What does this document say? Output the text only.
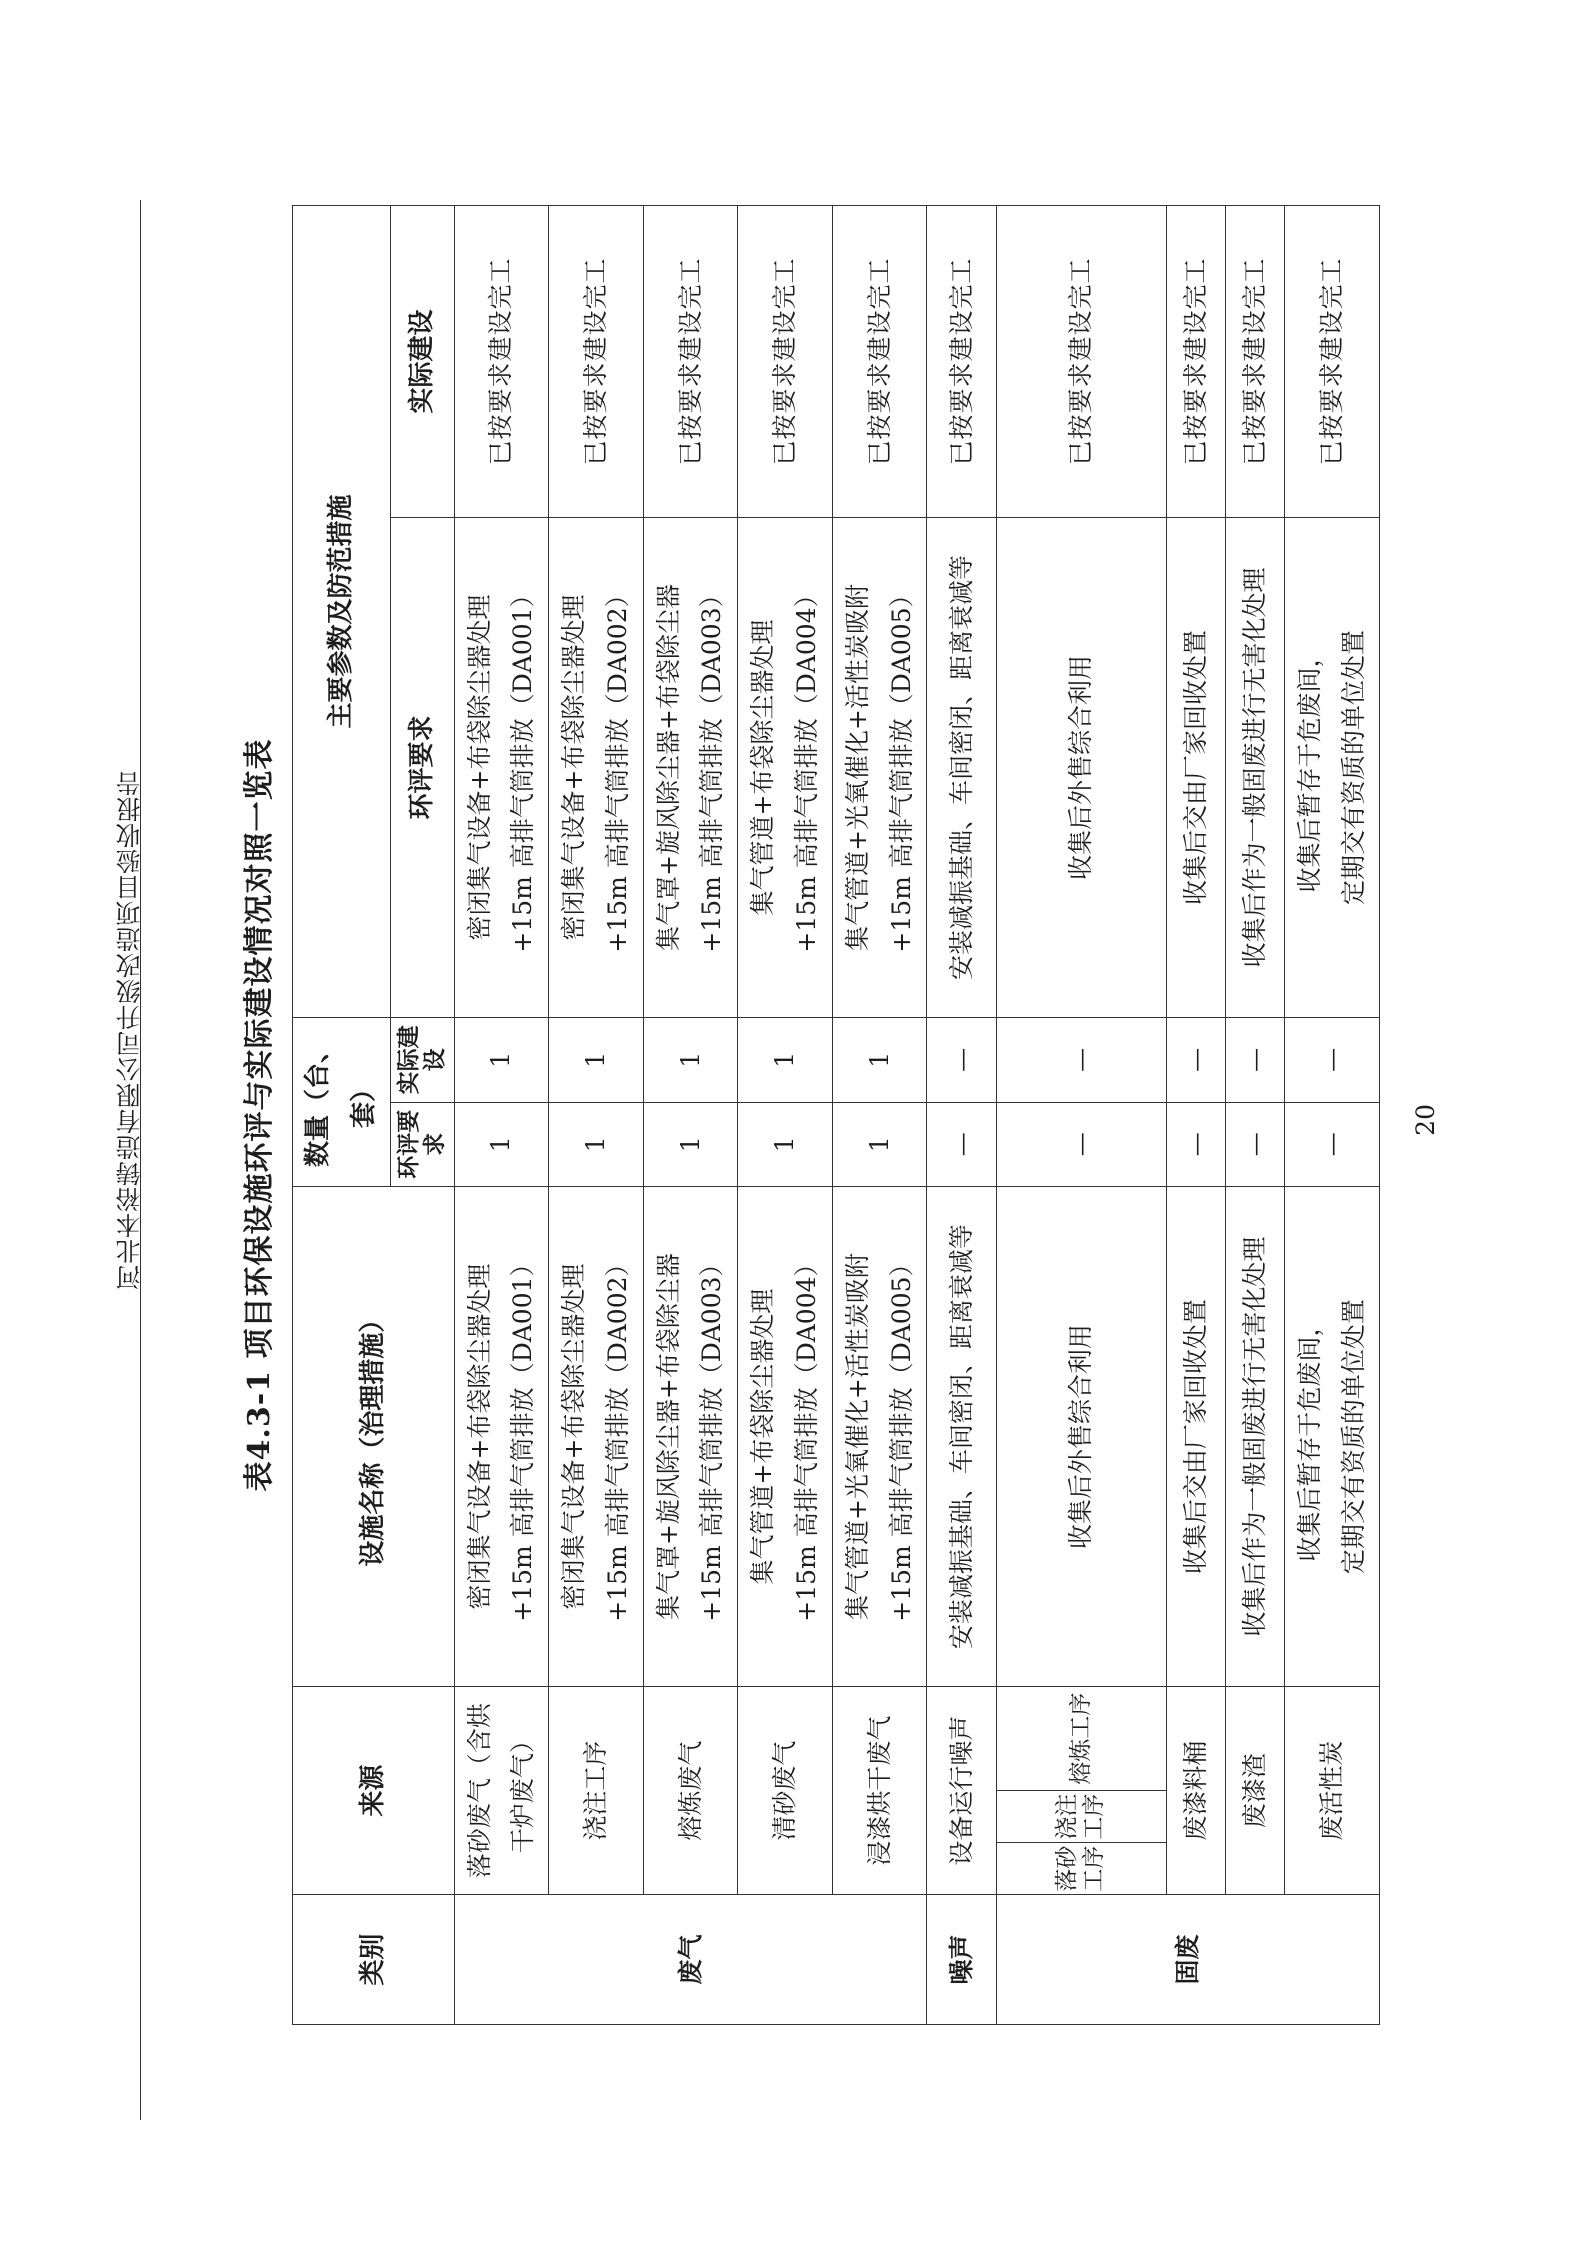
河北本裕铸造有限公司升级改造项目验收报告	20
表4.3-1 项目环保设施环评与实际建设情况对照一览表
类别	来源			设施名称（治理措施）	数量（台、套）		主要参数及防范措施	
					环评要求	实际建设	环评要求	实际建设
废气	落砂废气（含烘干炉废气）			密闭集气设备+布袋除尘器处理 +15m 高排气筒排放（DA001）	1	1	密闭集气设备+布袋除尘器处理 +15m 高排气筒排放（DA001）	已按要求建设完工
	浇注工序			密闭集气设备+布袋除尘器处理 +15m 高排气筒排放（DA002）	1	1	密闭集气设备+布袋除尘器处理 +15m 高排气筒排放（DA002）	已按要求建设完工
	熔炼废气			集气罩+旋风除尘器+布袋除尘器 +15m 高排气筒排放（DA003）	1	1	集气罩+旋风除尘器+布袋除尘器 +15m 高排气筒排放（DA003）	已按要求建设完工
	清砂废气			集气管道+布袋除尘器处理 +15m 高排气筒排放（DA004）	1	1	集气管道+布袋除尘器处理 +15m 高排气筒排放（DA004）	已按要求建设完工
	浸漆烘干废气			集气管道+光氧催化+活性炭吸附 +15m 高排气筒排放（DA005）	1	1	集气管道+光氧催化+活性炭吸附 +15m 高排气筒排放（DA005）	已按要求建设完工
噪声	设备运行噪声			安装减振基础、车间密闭、距离衰减等	—	—	安装减振基础、车间密闭、距离衰减等	已按要求建设完工
固废	落砂工序	浇注工序	熔炼工序	收集后外售综合利用	—	—	收集后外售综合利用	已按要求建设完工
	废漆料桶			收集后交由厂家回收处置	—	—	收集后交由厂家回收处置	已按要求建设完工
	废漆渣			收集后作为一般固废进行无害化处理	—	—	收集后作为一般固废进行无害化处理	已按要求建设完工
	废活性炭			收集后暂存于危废间， 定期交有资质的单位处置	—	—	收集后暂存于危废间， 定期交有资质的单位处置	已按要求建设完工
